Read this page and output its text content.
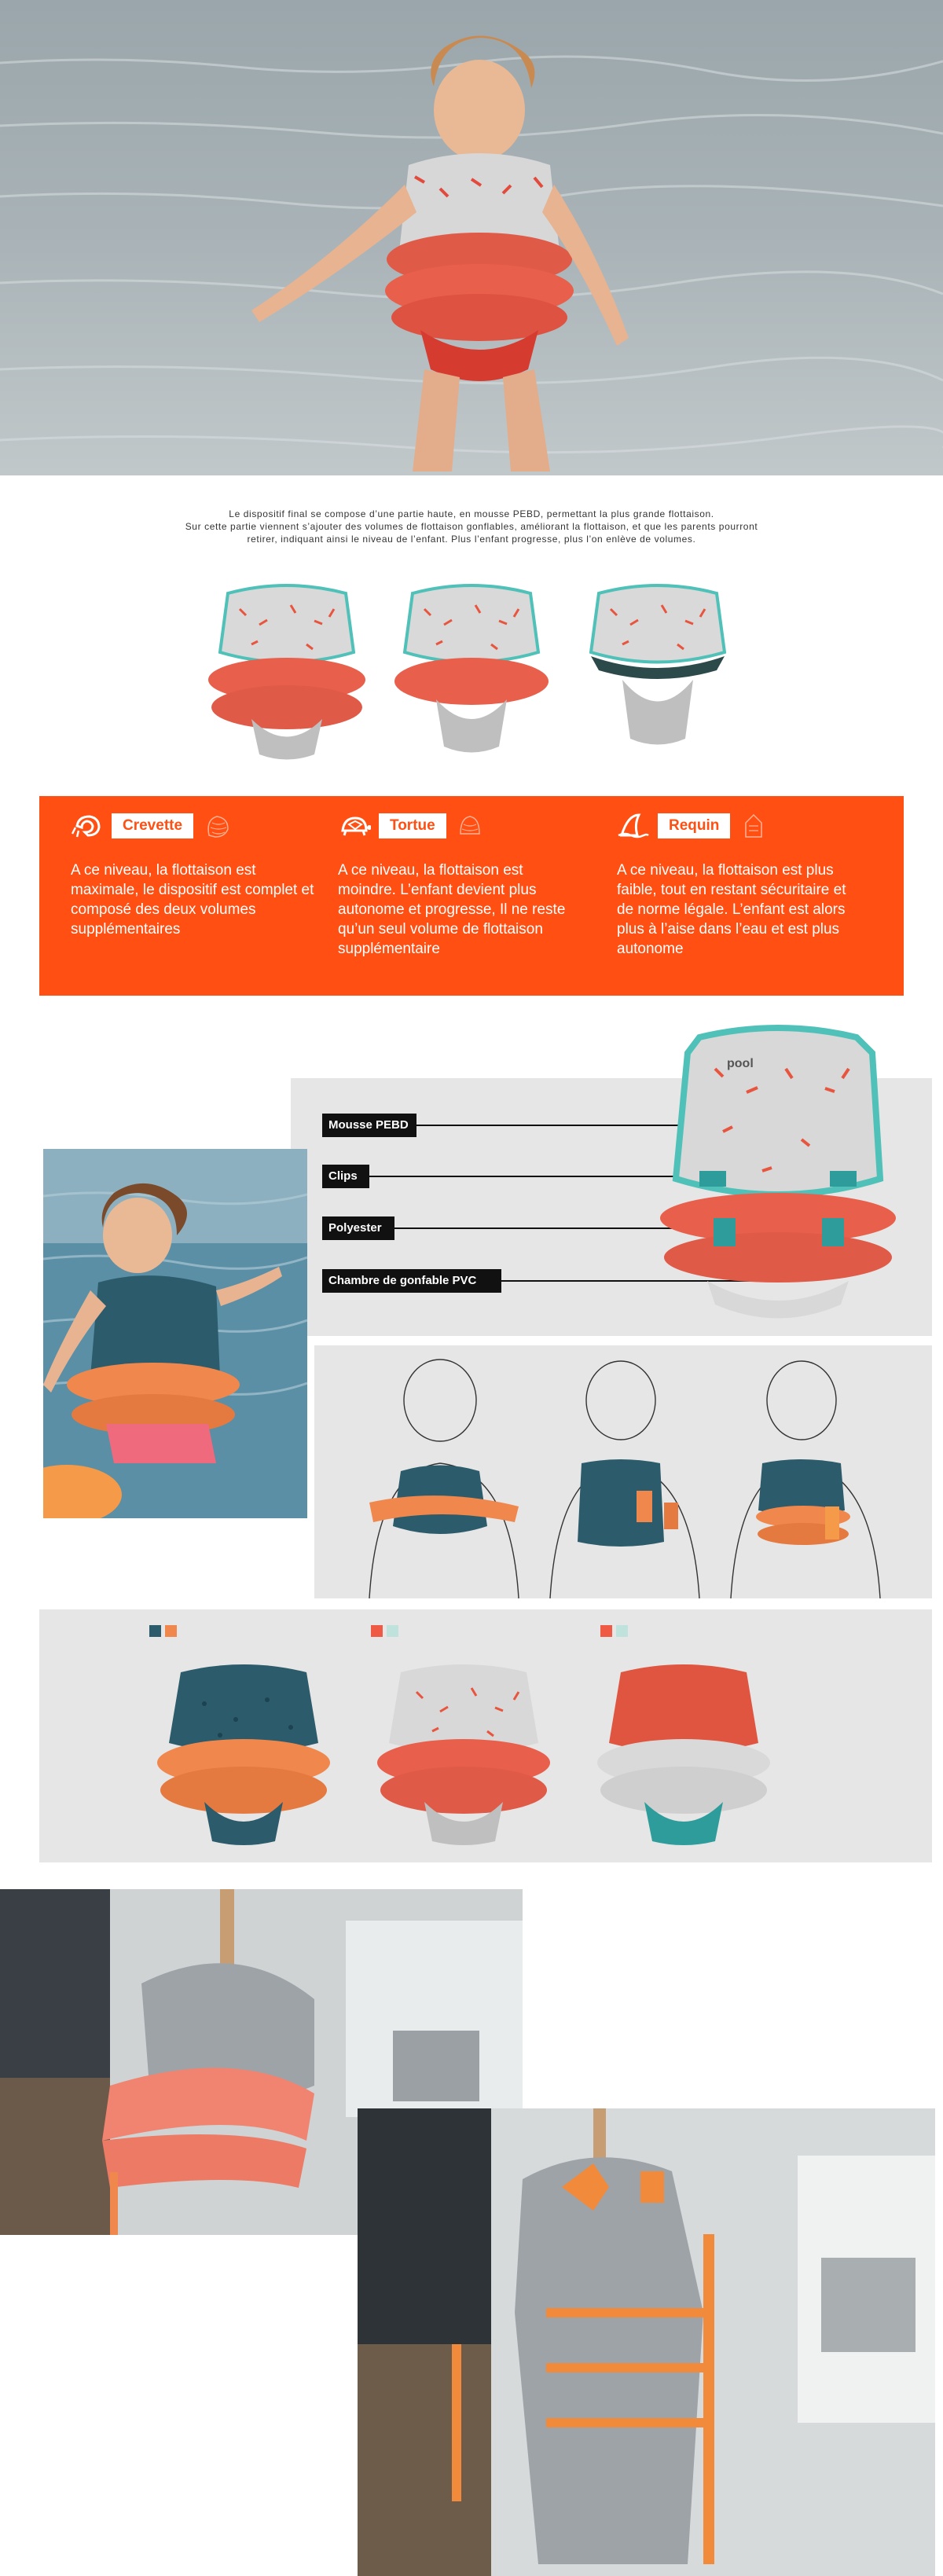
Le dispositif final se compose d’une partie haute, en mousse PEBD, permettant la plus grande flottaison.
Sur cette partie viennent s’ajouter des volumes de flottaison gonflables, améliorant la flottaison, et que les parents pourront
retirer, indiquant ainsi le niveau de l’enfant. Plus l’enfant progresse, plus l’on enlève de volumes.
Crevette
A ce niveau, la flottaison est maximale, le dispositif est complet et composé des deux volumes supplémentaires
Tortue
A ce niveau, la flottaison est moindre. L’enfant devient plus autonome et progresse, Il ne reste qu’un seul volume de flottaison supplémentaire
Requin
A ce niveau, la flottaison est plus faible, tout en restant sécuritaire et de norme légale. L’enfant est alors plus à l’aise dans l’eau et est plus autonome
Mousse PEBD
Clips
Polyester
Chambre de gonfable PVC
pool
